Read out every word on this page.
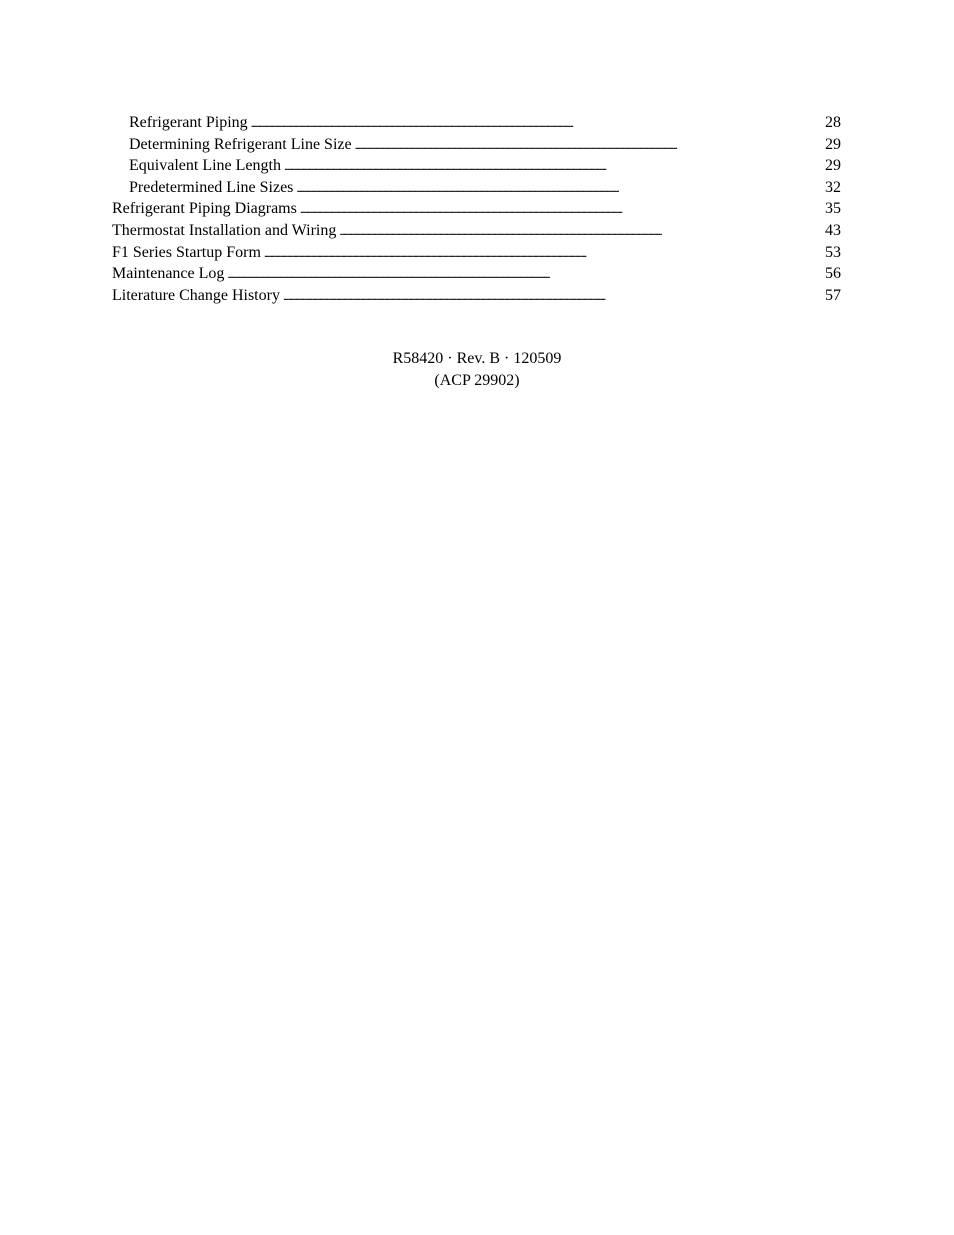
Refrigerant Piping . . .	28
Determining Refrigerant Line Size . . .	29
Equivalent Line Length . . .	29
Predetermined Line Sizes . . .	32
Refrigerant Piping Diagrams . . .	35
Thermostat Installation and Wiring . . .	43
F1 Series Startup Form . . .	53
Maintenance Log . . .	56
Literature Change History . . .	57
R58420 · Rev. B · 120509
(ACP 29902)
